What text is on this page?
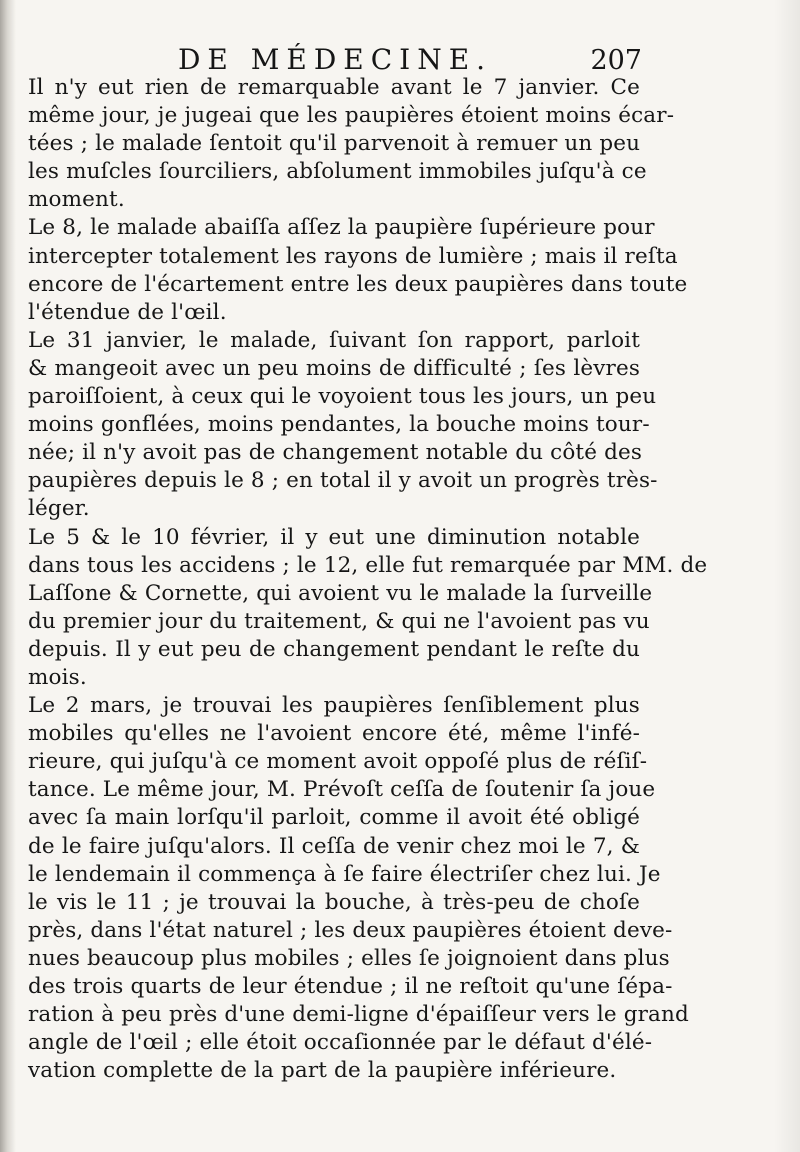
DE MÉDECINE.	207
Il n'y eut rien de remarquable avant le 7 janvier. Ce
même jour, je jugeai que les paupières étoient moins écar-
tées ; le malade ſentoit qu'il parvenoit à remuer un peu
les muſcles ſourciliers, abſolument immobiles juſqu'à ce
moment.
Le 8, le malade abaiſſa aſſez la paupière ſupérieure pour
intercepter totalement les rayons de lumière ; mais il reſta
encore de l'écartement entre les deux paupières dans toute
l'étendue de l'œil.
Le 31 janvier, le malade, ſuivant ſon rapport, parloit
& mangeoit avec un peu moins de difficulté ; ſes lèvres
paroiſſoient, à ceux qui le voyoient tous les jours, un peu
moins gonflées, moins pendantes, la bouche moins tour-
née; il n'y avoit pas de changement notable du côté des
paupières depuis le 8 ; en total il y avoit un progrès très-
léger.
Le 5 & le 10 février, il y eut une diminution notable
dans tous les accidens ; le 12, elle fut remarquée par MM. de
Laſſone & Cornette, qui avoient vu le malade la ſurveille
du premier jour du traitement, & qui ne l'avoient pas vu
depuis. Il y eut peu de changement pendant le reſte du
mois.
Le 2 mars, je trouvai les paupières ſenſiblement plus
mobiles qu'elles ne l'avoient encore été, même l'infé-
rieure, qui juſqu'à ce moment avoit oppoſé plus de réſiſ-
tance. Le même jour, M. Prévoſt ceſſa de ſoutenir ſa joue
avec ſa main lorſqu'il parloit, comme il avoit été obligé
de le faire juſqu'alors. Il ceſſa de venir chez moi le 7, &
le lendemain il commença à ſe faire électriſer chez lui. Je
le vis le 11 ; je trouvai la bouche, à très-peu de choſe
près, dans l'état naturel ; les deux paupières étoient deve-
nues beaucoup plus mobiles ; elles ſe joignoient dans plus
des trois quarts de leur étendue ; il ne reſtoit qu'une ſépa-
ration à peu près d'une demi-ligne d'épaiſſeur vers le grand
angle de l'œil ; elle étoit occaſionnée par le défaut d'élé-
vation complette de la part de la paupière inférieure.
